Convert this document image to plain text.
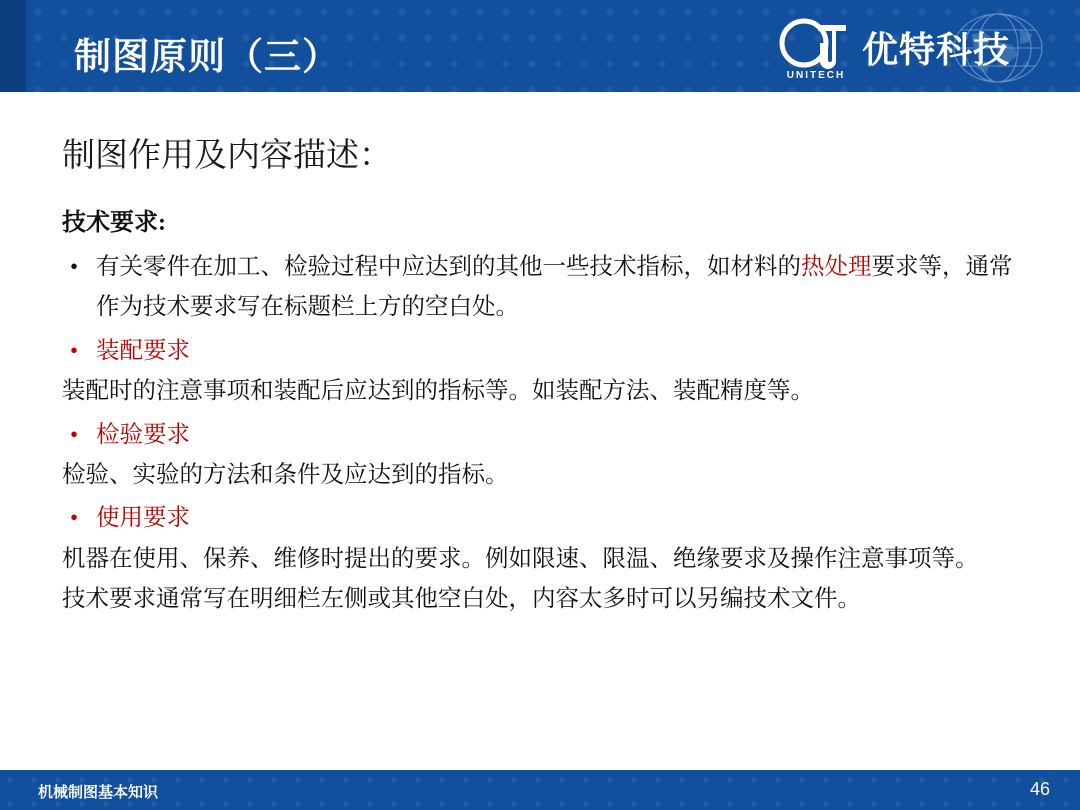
制图原则（三）	UNITECH
优特科技
制图作用及内容描述：

技术要求:

• 有关零件在加工、检验过程中应达到的其他一些技术指标，如材料的热处理要求等，通常作为技术要求写在标题栏上方的空白处。
• 装配要求

装配时的注意事项和装配后应达到的指标等。如装配方法、装配精度等。

• 检验要求

检验、实验的方法和条件及应达到的指标。

• 使用要求

机器在使用、保养、维修时提出的要求。例如限速、限温、绝缘要求及操作注意事项等。

技术要求通常写在明细栏左侧或其他空白处，内容太多时可以另编技术文件。

机械制图基本知识	46
